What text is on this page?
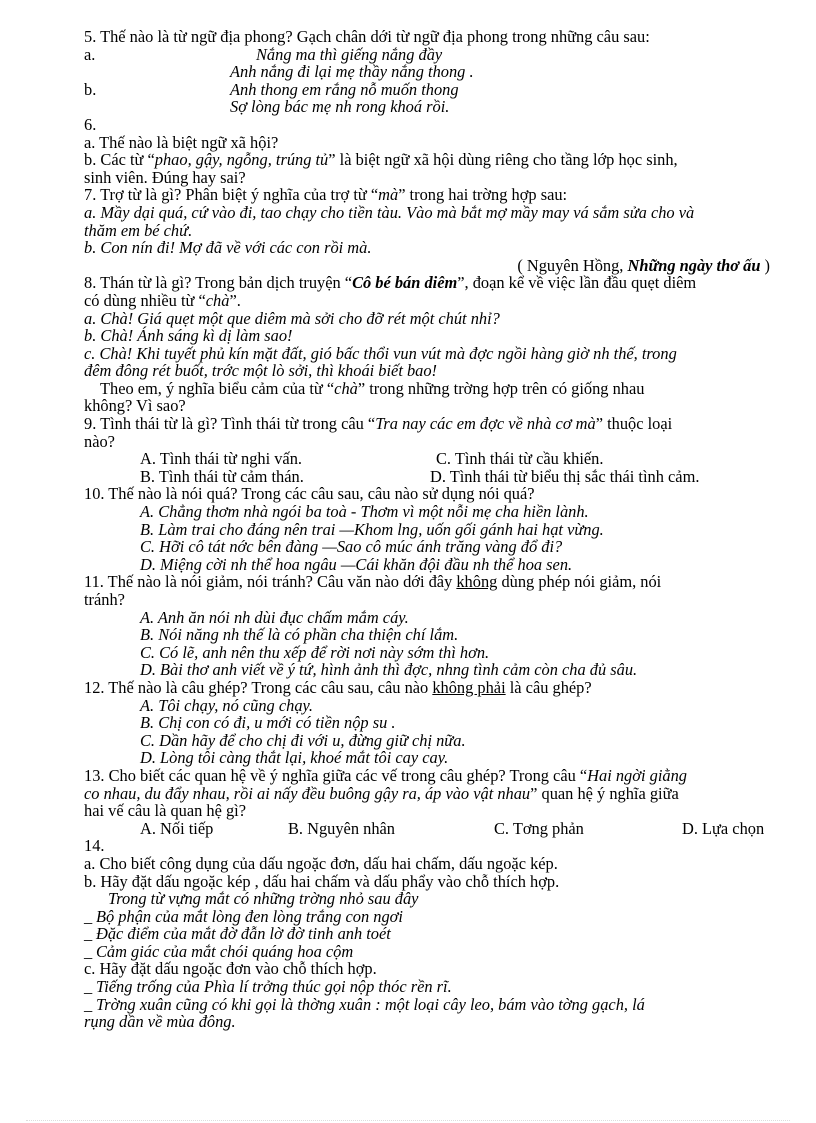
5. Thế nào là từ ngữ địa phong? Gạch chân dới từ ngữ địa phong trong những câu sau:
a.	Nắng ma thì giếng nắng đầy
Anh nắng đi lại mẹ thầy nắng thong .
b.	Anh thong em rắng nỗ muốn thong
Sợ lòng bác mẹ nh rong khoá rồi.
6.
a. Thế nào là biệt ngữ xã hội?
b. Các từ “phao, gậy, ngỗng, trúng tủ” là biệt ngữ xã hội dùng riêng cho tầng lớp học sinh,
sinh viên. Đúng hay sai?
7. Trợ từ là gì? Phân biệt ý nghĩa của trợ từ “mà” trong hai trờng hợp sau:
a. Mầy dại quá, cứ vào đi, tao chạy cho tiền tàu. Vào mà bắt mợ mầy may vá sắm sửa cho và
thăm em bé chứ.
b. Con nín đi! Mợ đã về với các con rồi mà.
( Nguyên Hồng, Những ngày thơ ấu )
8. Thán từ là gì? Trong bản dịch truyện “Cô bé bán diêm”, đoạn kể về việc lần đầu quẹt diêm
có dùng nhiều từ “chà”.
a. Chà! Giá quẹt một que diêm mà sởi cho đỡ rét một chút nhỉ?
b. Chà! Ánh sáng kì dị làm sao!
c. Chà! Khi tuyết phủ kín mặt đất, gió bấc thổi vun vút mà đợc ngồi hàng giờ nh thế, trong
đêm đông rét buốt, trớc một lò sởi, thì khoái biết bao!
Theo em, ý nghĩa biểu cảm của từ “chà” trong những trờng hợp trên có giống nhau
không? Vì sao?
9. Tình thái từ là gì? Tình thái từ trong câu “Tra nay các em đợc về nhà cơ mà” thuộc loại
nào?
A. Tình thái từ nghi vấn.	C. Tình thái từ cầu khiến.
B. Tình thái từ cảm thán.	D. Tình thái từ biểu thị sắc thái tình cảm.
10. Thế nào là nói quá? Trong các câu sau, câu nào sử dụng nói quá?
A. Chẳng thơm nhà ngói ba toà - Thơm vì một nỗi mẹ cha hiền lành.
B. Làm trai cho đáng nên trai —Khom lng, uốn gối gánh hai hạt vừng.
C. Hỡi cô tát nớc bên đàng —Sao cô múc ánh trăng vàng đổ đi?
D. Miệng cời nh thể hoa ngâu —Cái khăn đội đầu nh thể hoa sen.
11. Thế nào là nói giảm, nói tránh? Câu văn nào dới đây không dùng phép nói giảm, nói
tránh?
A. Anh ăn nói nh dùi đục chấm mắm cáy.
B. Nói năng nh thế là có phần cha thiện chí lắm.
C. Có lẽ, anh nên thu xếp để rời nơi này sớm thì hơn.
D. Bài thơ anh viết về ý tứ, hình ảnh thì đợc, nhng tình cảm còn cha đủ sâu.
12. Thế nào là câu ghép? Trong các câu sau, câu nào không phải là câu ghép?
A. Tôi chạy, nó cũng chạy.
B. Chị con có đi, u mới có tiền nộp su .
C. Dần hãy để cho chị đi với u, đừng giữ chị nữa.
D. Lòng tôi càng thắt lại, khoé mắt tôi cay cay.
13. Cho biết các quan hệ về ý nghĩa giữa các vế trong câu ghép? Trong câu “Hai ngời giằng
co nhau, du đẩy nhau, rồi ai nấy đều buông gậy ra, áp vào vật nhau” quan hệ ý nghĩa giữa
hai vế câu là quan hệ gì?
A. Nối tiếp	B. Nguyên nhân	C. Tơng phản	D. Lựa chọn
14.
a. Cho biết công dụng của dấu ngoặc đơn, dấu hai chấm, dấu ngoặc kép.
b. Hãy đặt dấu ngoặc kép , dấu hai chấm và dấu phẩy vào chỗ thích hợp.
Trong từ vựng mắt có những trờng nhỏ sau đây
_ Bộ phận của mắt lòng đen lòng trắng con ngơi
_ Đặc điểm của mắt đờ đẫn lờ đờ tinh anh toét
_ Cảm giác của mắt chói quáng hoa cộm
c. Hãy đặt dấu ngoặc đơn vào chỗ thích hợp.
_ Tiếng trống của Phìa lí trởng thúc gọi nộp thóc rền rĩ.
_ Trờng xuân cũng có khi gọi là thờng xuân : một loại cây leo, bám vào tờng gạch, lá
rụng dần về mùa đông.
